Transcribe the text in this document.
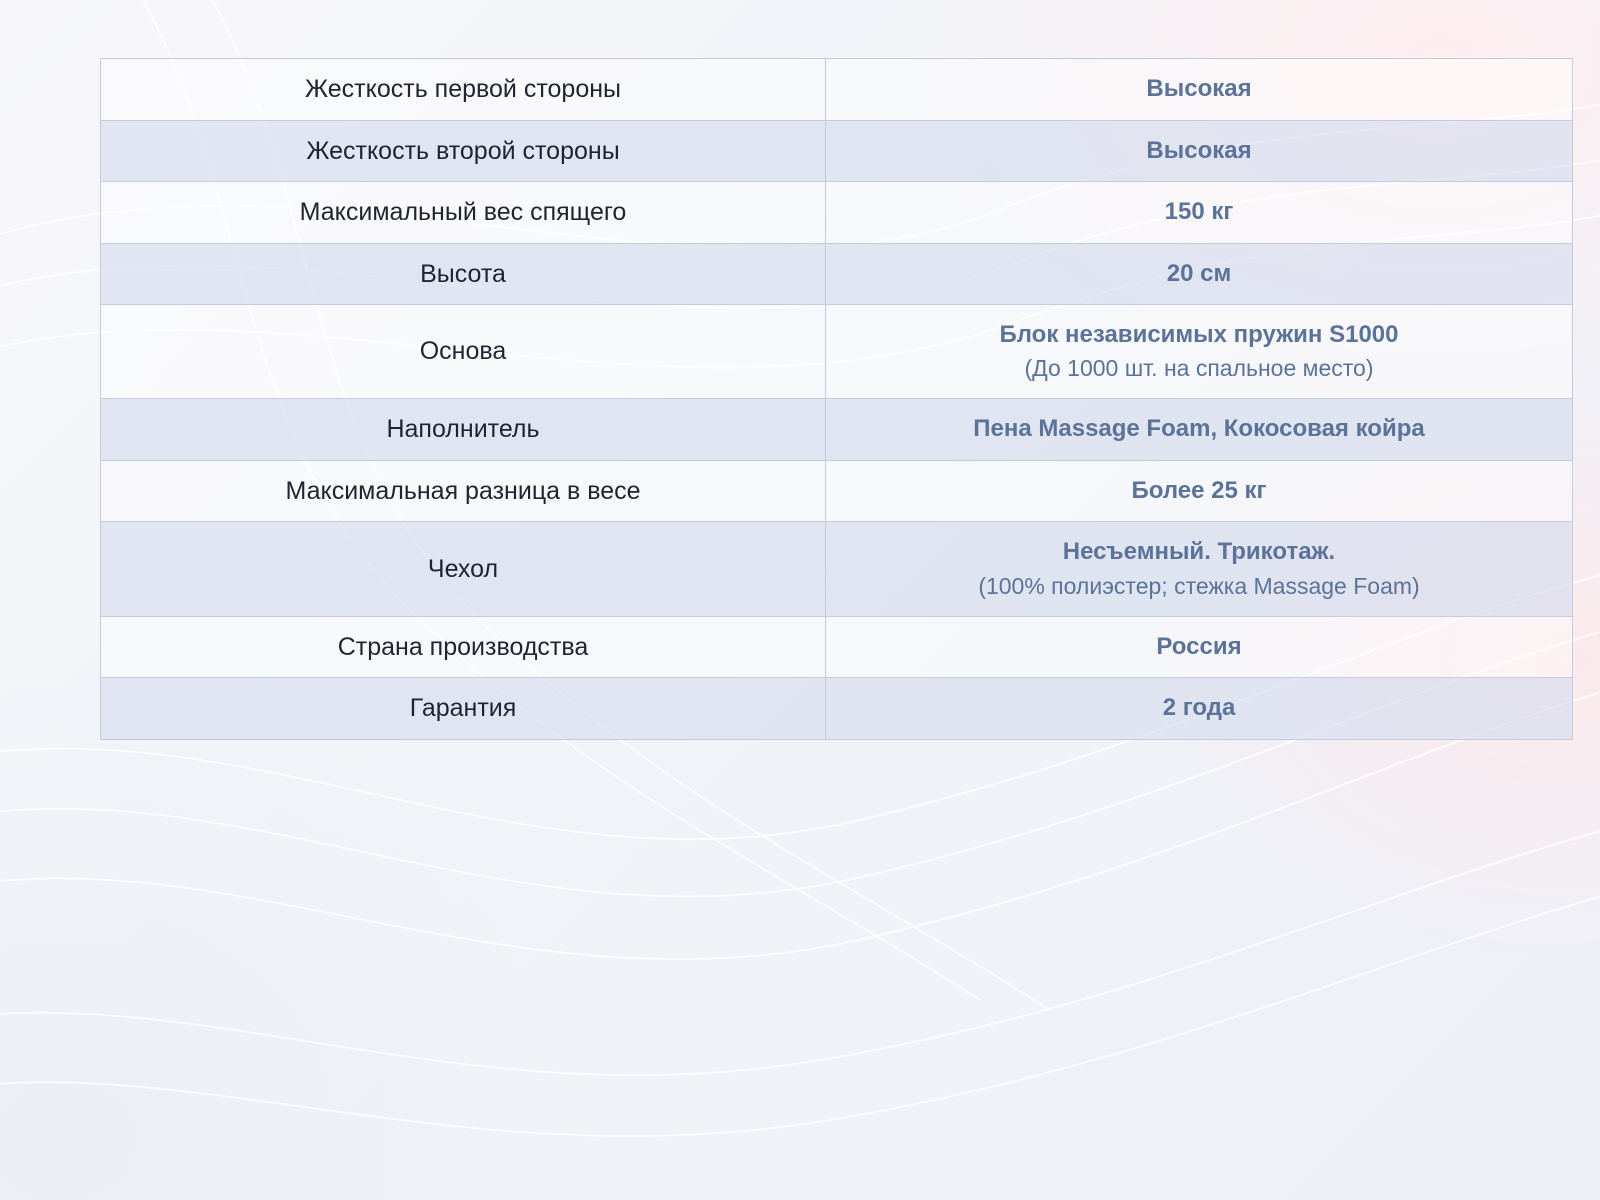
Жесткость первой стороны	Высокая
Жесткость второй стороны	Высокая
Максимальный вес спящего	150 кг
Высота	20 см
Основа	Блок независимых пружин S1000
(До 1000 шт. на спальное место)

Наполнитель	Пена Massage Foam, Кокосовая койра
Максимальная разница в весе	Более 25 кг
Чехол	Несъемный. Трикотаж.
(100% полиэстер; стежка Massage Foam)

Страна производства	Россия
Гарантия	2 года
